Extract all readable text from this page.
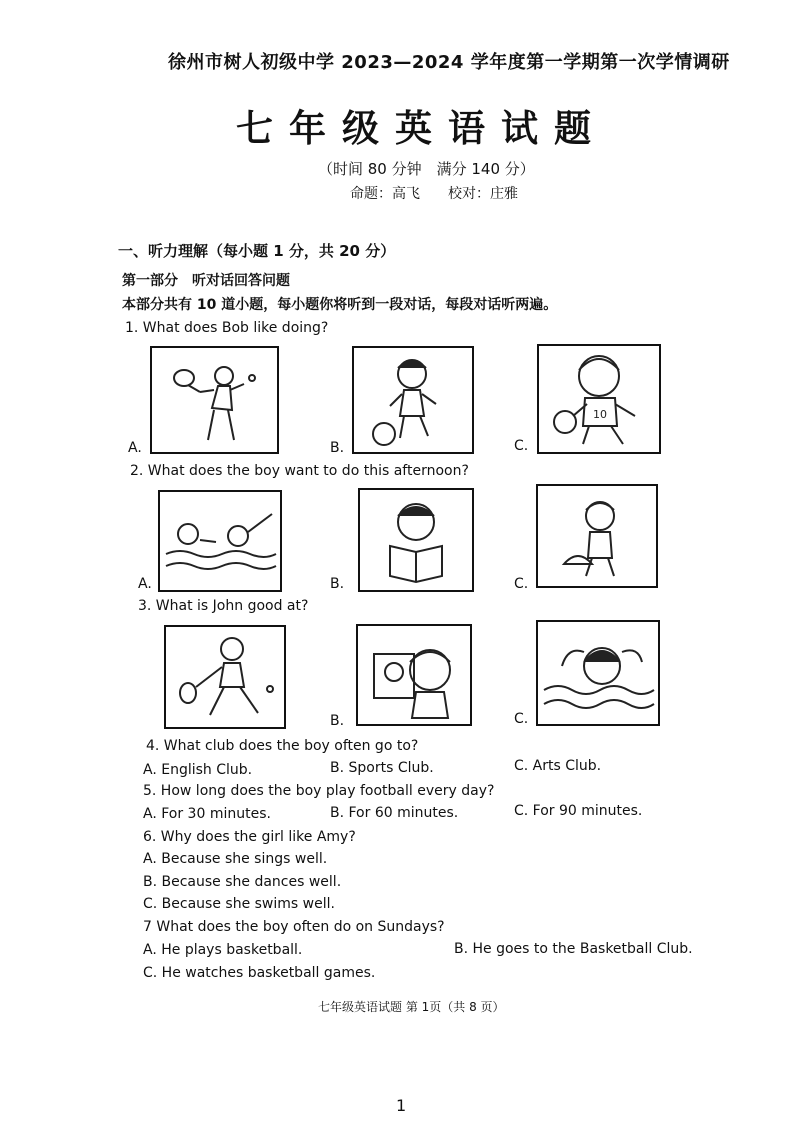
徐州市树人初级中学 2023—2024 学年度第一学期第一次学情调研
七年级英语试题
（时间 80 分钟　满分 140 分）
命题：高飞　　校对：庄雅
一、听力理解（每小题 1 分，共 20 分）
第一部分　听对话回答问题
本部分共有 10 道小题，每小题你将听到一段对话，每段对话听两遍。
1. What does Bob like doing?
A.	B.	C.
10
2. What does the boy want to do this afternoon?
A.	B.	C.
3. What is John good at?
B.	C.
4. What club does the boy often go to?
A. English Club.	B. Sports Club.	C. Arts Club.
5. How long does the boy play football every day?
A. For 30 minutes.	B. For 60 minutes.	C. For 90 minutes.
6. Why does the girl like Amy?
A. Because she sings well.
B. Because she dances well.
C. Because she swims well.
7 What does the boy often do on Sundays?
A. He plays basketball.	B. He goes to the Basketball Club.
C. He watches basketball games.
七年级英语试题 第 1页（共 8 页）
1
